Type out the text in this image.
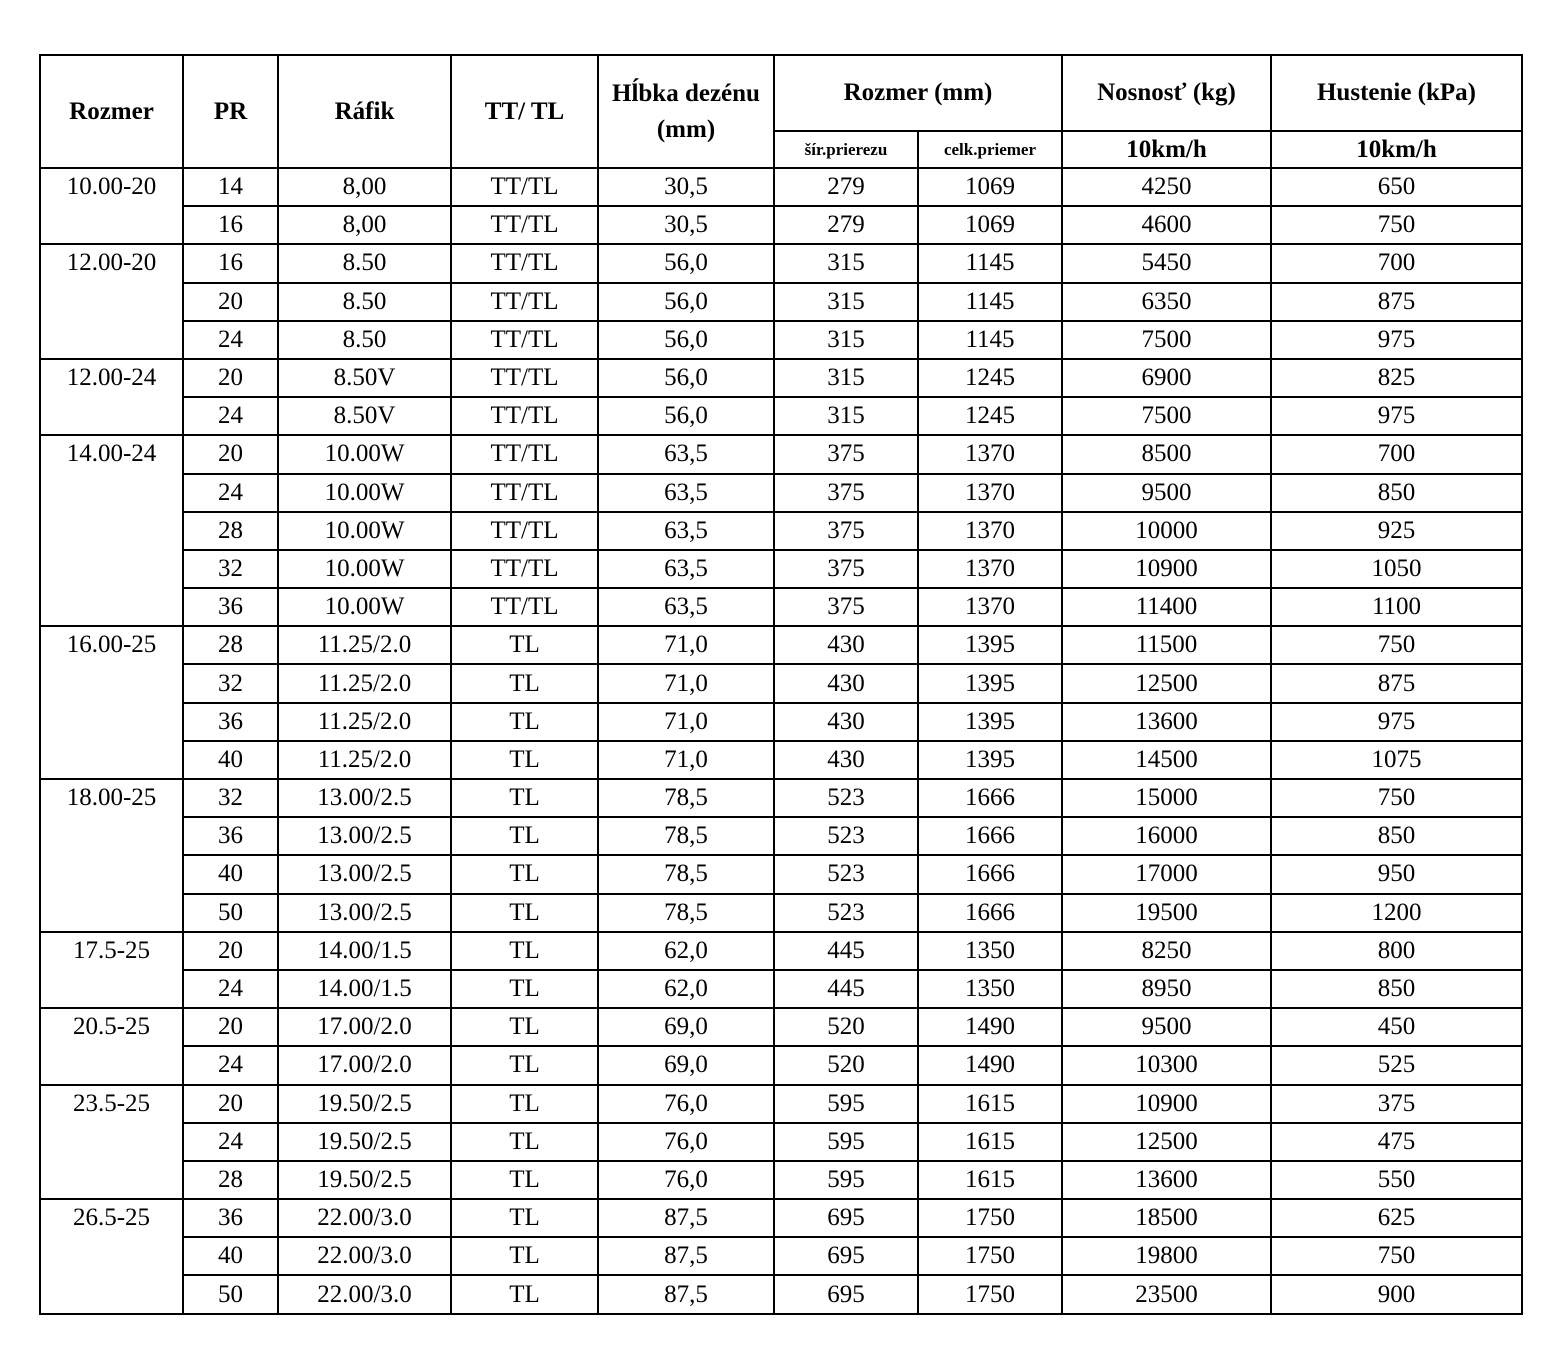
Rozmer	PR	Ráfik	TT/ TL	Hĺbka dezénu (mm)	Rozmer (mm)		Nosnosť (kg)	Hustenie (kPa)
					šír.prierezu	celk.priemer	10km/h	10km/h
10.00-20	14	8,00	TT/TL	30,5	279	1069	4250	650
	16	8,00	TT/TL	30,5	279	1069	4600	750
12.00-20	16	8.50	TT/TL	56,0	315	1145	5450	700
	20	8.50	TT/TL	56,0	315	1145	6350	875
	24	8.50	TT/TL	56,0	315	1145	7500	975
12.00-24	20	8.50V	TT/TL	56,0	315	1245	6900	825
	24	8.50V	TT/TL	56,0	315	1245	7500	975
14.00-24	20	10.00W	TT/TL	63,5	375	1370	8500	700
	24	10.00W	TT/TL	63,5	375	1370	9500	850
	28	10.00W	TT/TL	63,5	375	1370	10000	925
	32	10.00W	TT/TL	63,5	375	1370	10900	1050
	36	10.00W	TT/TL	63,5	375	1370	11400	1100
16.00-25	28	11.25/2.0	TL	71,0	430	1395	11500	750
	32	11.25/2.0	TL	71,0	430	1395	12500	875
	36	11.25/2.0	TL	71,0	430	1395	13600	975
	40	11.25/2.0	TL	71,0	430	1395	14500	1075
18.00-25	32	13.00/2.5	TL	78,5	523	1666	15000	750
	36	13.00/2.5	TL	78,5	523	1666	16000	850
	40	13.00/2.5	TL	78,5	523	1666	17000	950
	50	13.00/2.5	TL	78,5	523	1666	19500	1200
17.5-25	20	14.00/1.5	TL	62,0	445	1350	8250	800
	24	14.00/1.5	TL	62,0	445	1350	8950	850
20.5-25	20	17.00/2.0	TL	69,0	520	1490	9500	450
	24	17.00/2.0	TL	69,0	520	1490	10300	525
23.5-25	20	19.50/2.5	TL	76,0	595	1615	10900	375
	24	19.50/2.5	TL	76,0	595	1615	12500	475
	28	19.50/2.5	TL	76,0	595	1615	13600	550
26.5-25	36	22.00/3.0	TL	87,5	695	1750	18500	625
	40	22.00/3.0	TL	87,5	695	1750	19800	750
	50	22.00/3.0	TL	87,5	695	1750	23500	900
